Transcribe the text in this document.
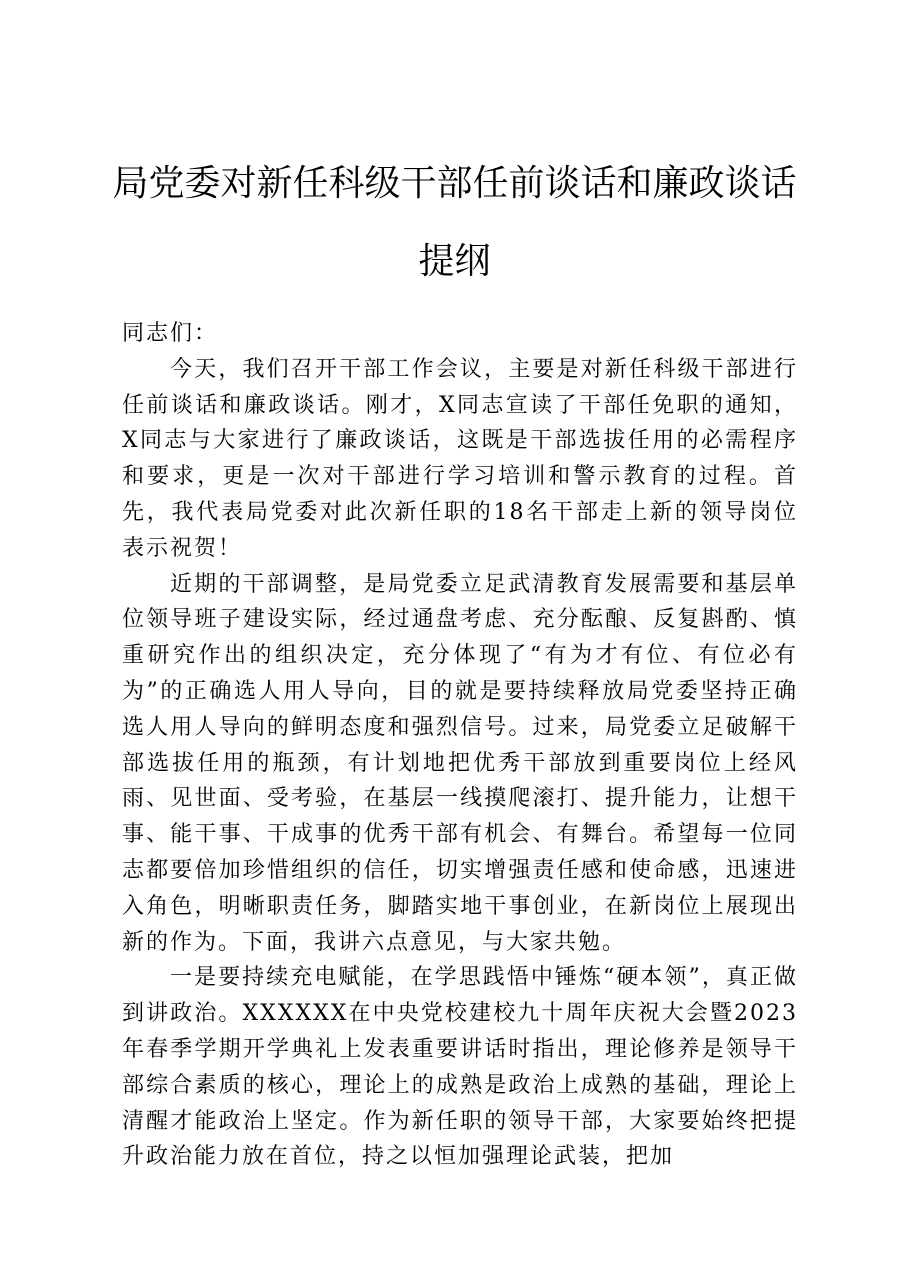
局党委对新任科级干部任前谈话和廉政谈话提纲

同志们：

今天，我们召开干部工作会议，主要是对新任科级干部进行任前谈话和廉政谈话。刚才，X同志宣读了干部任免职的通知，X同志与大家进行了廉政谈话，这既是干部选拔任用的必需程序和要求，更是一次对干部进行学习培训和警示教育的过程。首先，我代表局党委对此次新任职的18名干部走上新的领导岗位表示祝贺！

近期的干部调整，是局党委立足武清教育发展需要和基层单位领导班子建设实际，经过通盘考虑、充分酝酿、反复斟酌、慎重研究作出的组织决定，充分体现了“有为才有位、有位必有为”的正确选人用人导向，目的就是要持续释放局党委坚持正确选人用人导向的鲜明态度和强烈信号。过来，局党委立足破解干部选拔任用的瓶颈，有计划地把优秀干部放到重要岗位上经风雨、见世面、受考验，在基层一线摸爬滚打、提升能力，让想干事、能干事、干成事的优秀干部有机会、有舞台。希望每一位同志都要倍加珍惜组织的信任，切实增强责任感和使命感，迅速进入角色，明晰职责任务，脚踏实地干事创业，在新岗位上展现出新的作为。下面，我讲六点意见，与大家共勉。

一是要持续充电赋能，在学思践悟中锤炼“硬本领”，真正做到讲政治。XXXXXX在中央党校建校九十周年庆祝大会暨2023年春季学期开学典礼上发表重要讲话时指出，理论修养是领导干部综合素质的核心，理论上的成熟是政治上成熟的基础，理论上清醒才能政治上坚定。作为新任职的领导干部，大家要始终把提升政治能力放在首位，持之以恒加强理论武装，把加
